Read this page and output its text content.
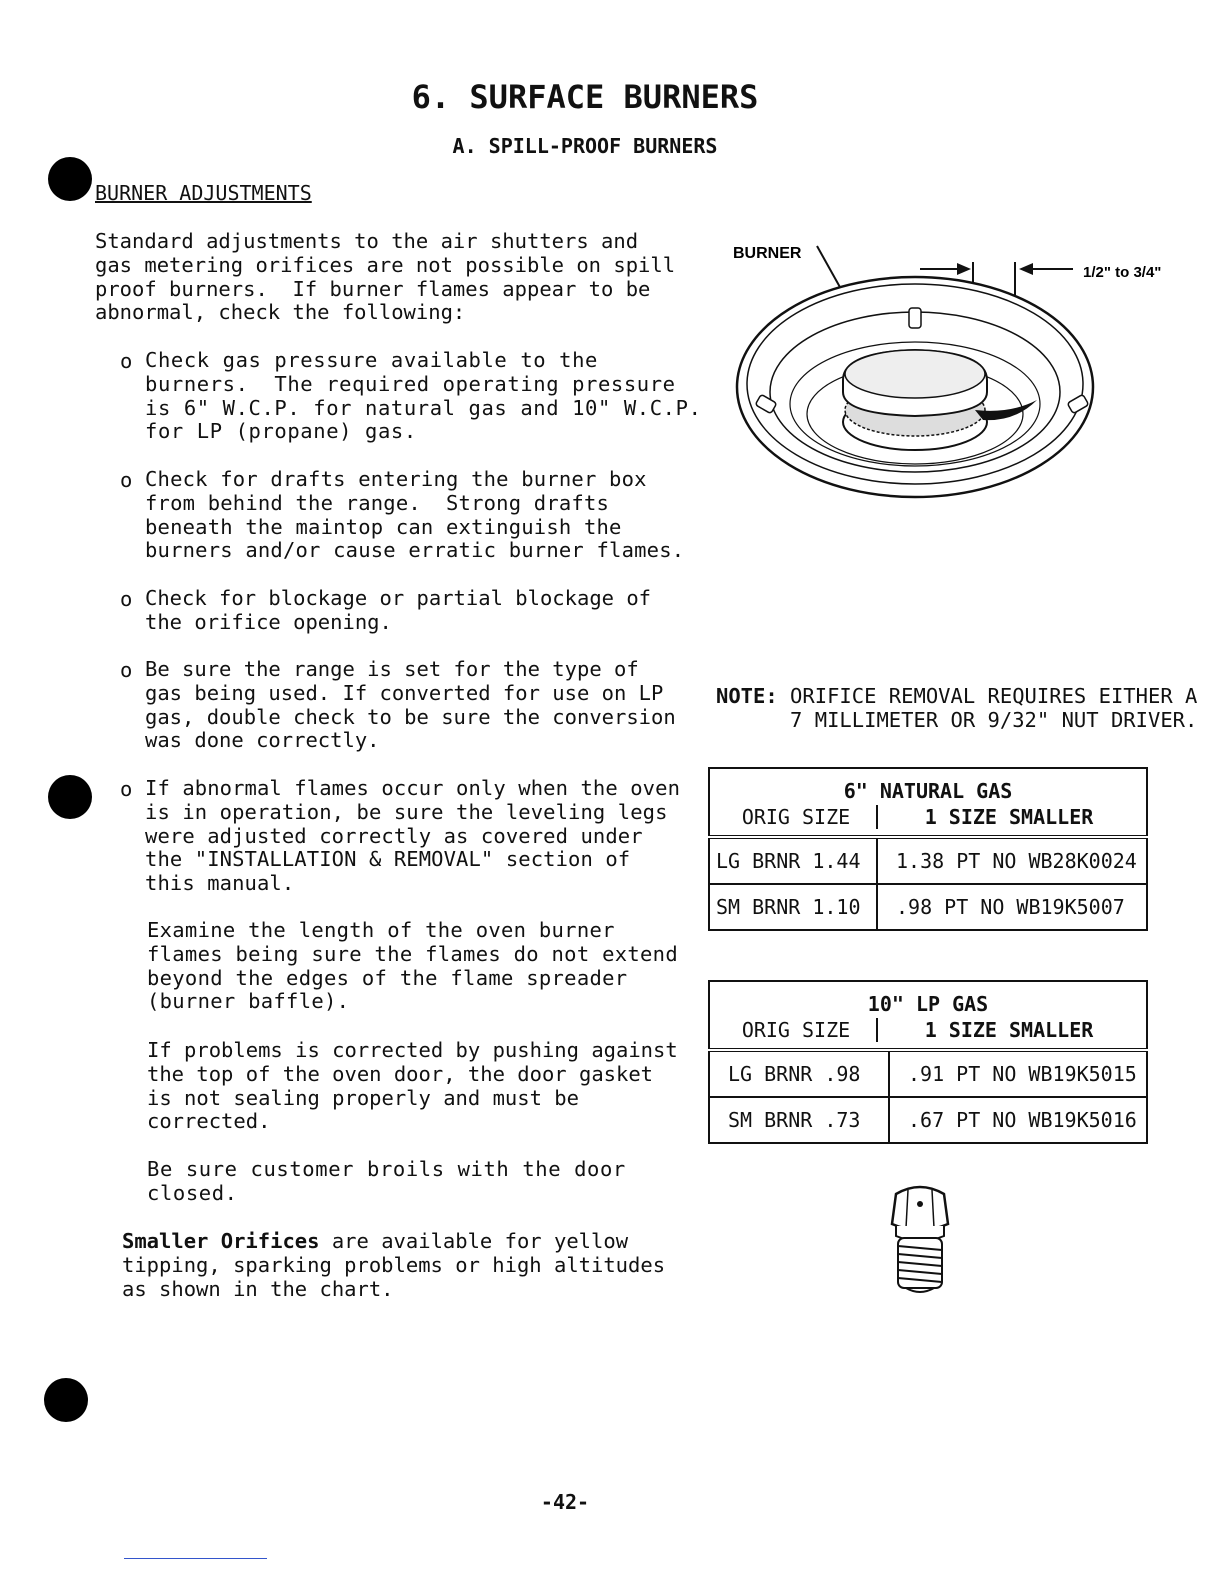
6. SURFACE BURNERS
A. SPILL-PROOF BURNERS
BURNER ADJUSTMENTS
Standard adjustments to the air shutters and
gas metering orifices are not possible on spill
proof burners.  If burner flames appear to be
abnormal, check the following:
o Check gas pressure available to the
burners.  The required operating pressure
is 6" W.C.P. for natural gas and 10" W.C.P.
for LP (propane) gas.
o Check for drafts entering the burner box
from behind the range.  Strong drafts
beneath the maintop can extinguish the
burners and/or cause erratic burner flames.
o Check for blockage or partial blockage of
the orifice opening.
o Be sure the range is set for the type of
gas being used. If converted for use on LP
gas, double check to be sure the conversion
was done correctly.
o If abnormal flames occur only when the oven
is in operation, be sure the leveling legs
were adjusted correctly as covered under
the "INSTALLATION & REMOVAL" section of
this manual.
Examine the length of the oven burner
flames being sure the flames do not extend
beyond the edges of the flame spreader
(burner baffle).
If problems is corrected by pushing against
the top of the oven door, the door gasket
is not sealing properly and must be
corrected.
Be sure customer broils with the door
closed.
Smaller Orifices are available for yellow
tipping, sparking problems or high altitudes
as shown in the chart.
BURNER
1/2" to 3/4"
NOTE: ORIFICE REMOVAL REQUIRES EITHER A
7 MILLIMETER OR 9/32" NUT DRIVER.
6" NATURAL GAS
ORIG SIZE 1 SIZE SMALLER	

LG BRNR 1.44	1.38 PT NO WB28K0024
SM BRNR 1.10	.98 PT NO WB19K5007
10" LP GAS
ORIG SIZE 1 SIZE SMALLER	

LG BRNR .98	.91 PT NO WB19K5015
SM BRNR .73	.67 PT NO WB19K5016
-42-
